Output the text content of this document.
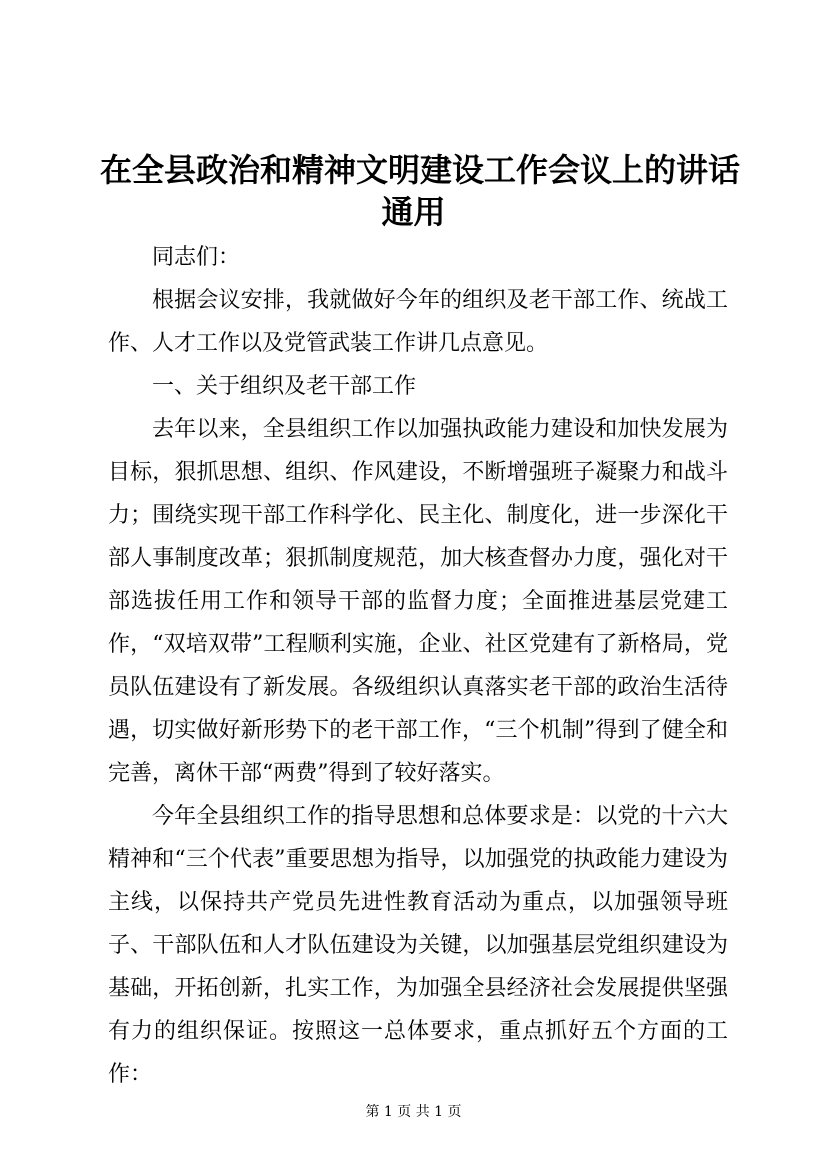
在全县政治和精神文明建设工作会议上的讲话
通用

同志们：

根据会议安排，我就做好今年的组织及老干部工作、统战工作、人才工作以及党管武装工作讲几点意见。

一、关于组织及老干部工作

去年以来，全县组织工作以加强执政能力建设和加快发展为目标，狠抓思想、组织、作风建设，不断增强班子凝聚力和战斗力；围绕实现干部工作科学化、民主化、制度化，进一步深化干部人事制度改革；狠抓制度规范，加大核查督办力度，强化对干部选拔任用工作和领导干部的监督力度；全面推进基层党建工作，“双培双带”工程顺利实施，企业、社区党建有了新格局，党员队伍建设有了新发展。各级组织认真落实老干部的政治生活待遇，切实做好新形势下的老干部工作，“三个机制”得到了健全和完善，离休干部“两费”得到了较好落实。

今年全县组织工作的指导思想和总体要求是：以党的十六大精神和“三个代表”重要思想为指导，以加强党的执政能力建设为主线，以保持共产党员先进性教育活动为重点，以加强领导班子、干部队伍和人才队伍建设为关键，以加强基层党组织建设为基础，开拓创新，扎实工作，为加强全县经济社会发展提供坚强有力的组织保证。按照这一总体要求，重点抓好五个方面的工作：

第 1 页 共 1 页
